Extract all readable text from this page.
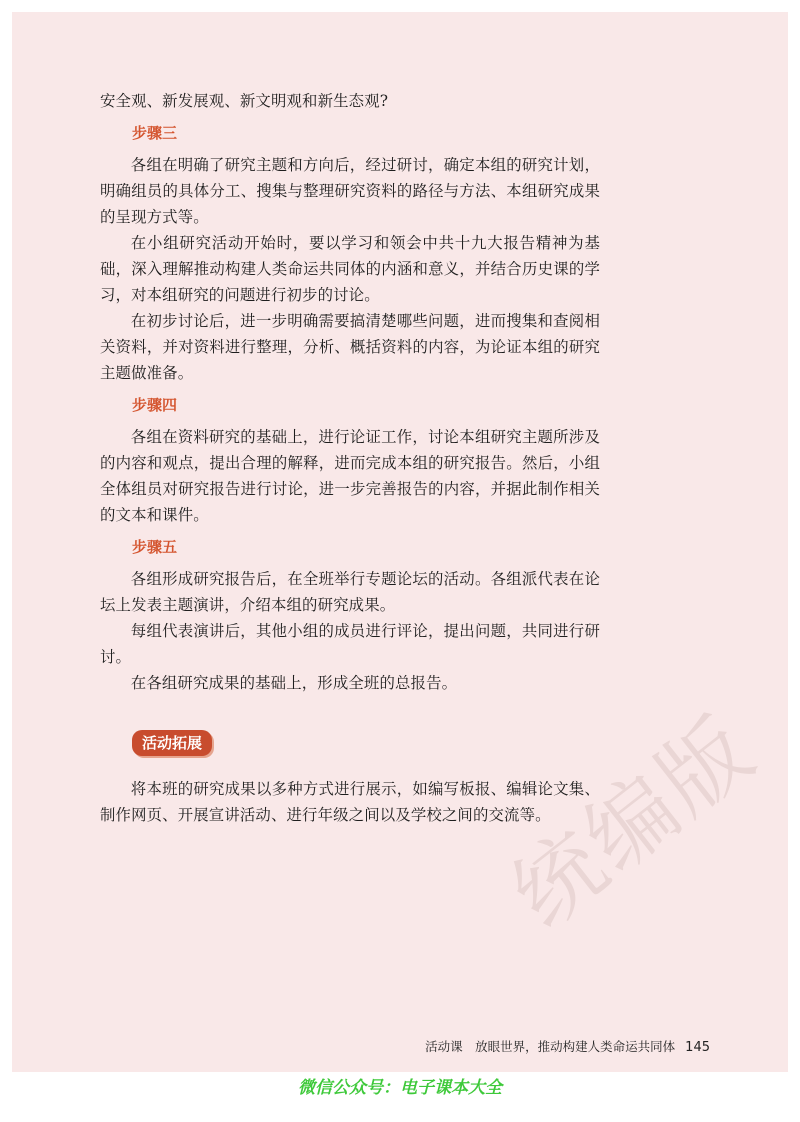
安全观、新发展观、新文明观和新生态观?

步骤三

各组在明确了研究主题和方向后，经过研讨，确定本组的研究计划，明确组员的具体分工、搜集与整理研究资料的路径与方法、本组研究成果的呈现方式等。

在小组研究活动开始时，要以学习和领会中共十九大报告精神为基础，深入理解推动构建人类命运共同体的内涵和意义，并结合历史课的学习，对本组研究的问题进行初步的讨论。

在初步讨论后，进一步明确需要搞清楚哪些问题，进而搜集和查阅相关资料，并对资料进行整理，分析、概括资料的内容，为论证本组的研究主题做准备。

步骤四

各组在资料研究的基础上，进行论证工作，讨论本组研究主题所涉及的内容和观点，提出合理的解释，进而完成本组的研究报告。然后，小组全体组员对研究报告进行讨论，进一步完善报告的内容，并据此制作相关的文本和课件。

步骤五

各组形成研究报告后，在全班举行专题论坛的活动。各组派代表在论坛上发表主题演讲，介绍本组的研究成果。

每组代表演讲后，其他小组的成员进行评论，提出问题，共同进行研讨。

在各组研究成果的基础上，形成全班的总报告。

活动拓展

将本班的研究成果以多种方式进行展示，如编写板报、编辑论文集、制作网页、开展宣讲活动、进行年级之间以及学校之间的交流等。

统编版
活动课　放眼世界，推动构建人类命运共同体 145
微信公众号：电子课本大全
